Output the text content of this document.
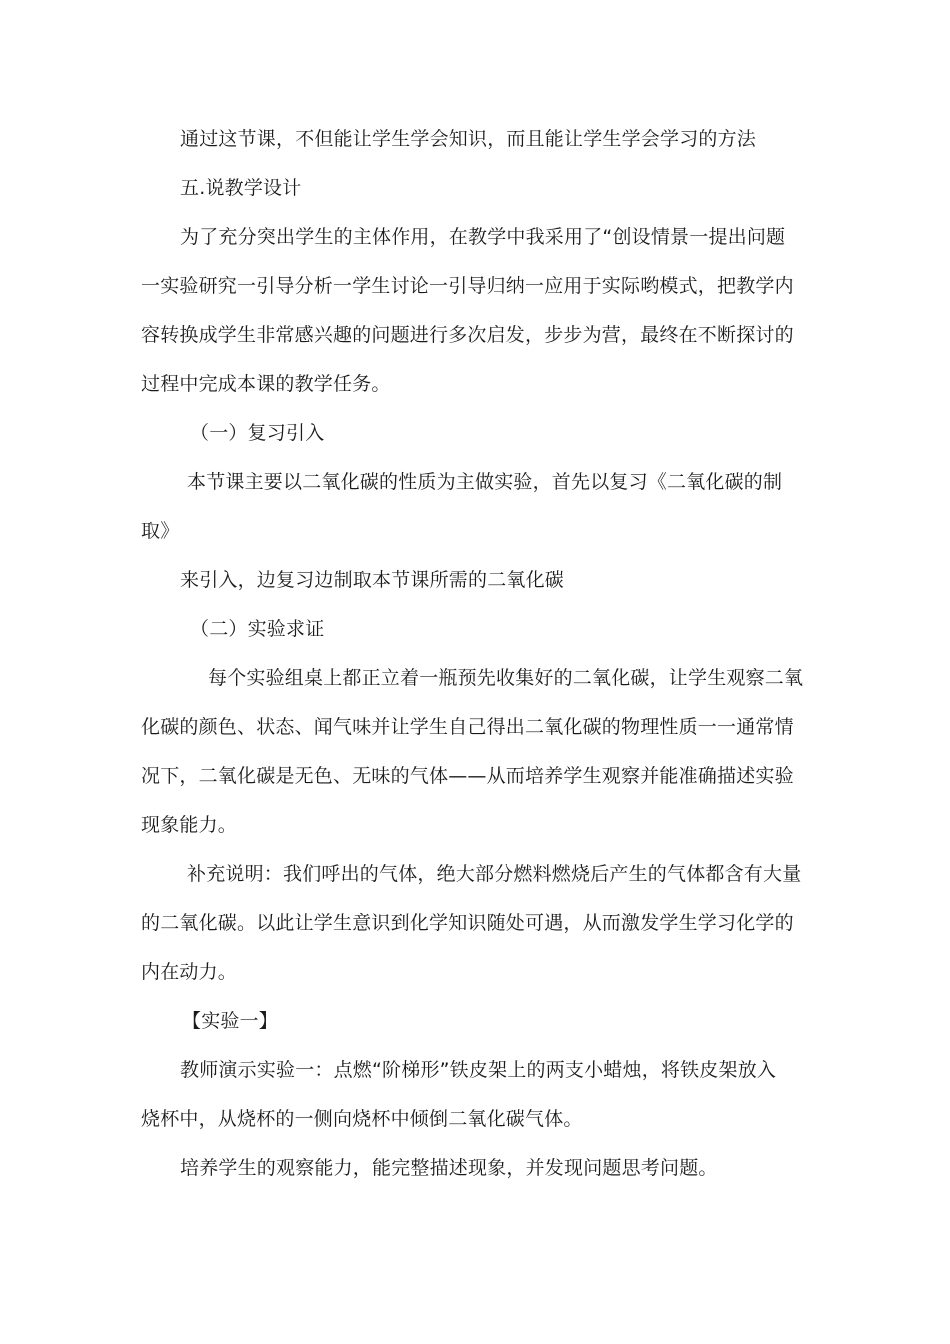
通过这节课，不但能让学生学会知识，而且能让学生学会学习的方法
五.说教学设计
为了充分突出学生的主体作用，在教学中我采用了“创设情景一提出问题
一实验研究一引导分析一学生讨论一引导归纳一应用于实际哟模式，把教学内
容转换成学生非常感兴趣的问题进行多次启发，步步为营，最终在不断探讨的
过程中完成本课的教学任务。
（一）复习引入
本节课主要以二氧化碳的性质为主做实验，首先以复习《二氧化碳的制
取》
来引入，边复习边制取本节课所需的二氧化碳
（二）实验求证
每个实验组桌上都正立着一瓶预先收集好的二氧化碳，让学生观察二氧
化碳的颜色、状态、闻气味并让学生自己得出二氧化碳的物理性质一一通常情
况下，二氧化碳是无色、无味的气体——从而培养学生观察并能准确描述实验
现象能力。
补充说明：我们呼出的气体，绝大部分燃料燃烧后产生的气体都含有大量
的二氧化碳。以此让学生意识到化学知识随处可遇，从而激发学生学习化学的
内在动力。
【实验一】
教师演示实验一：点燃“阶梯形”铁皮架上的两支小蜡烛，将铁皮架放入
烧杯中，从烧杯的一侧向烧杯中倾倒二氧化碳气体。
培养学生的观察能力，能完整描述现象，并发现问题思考问题。
